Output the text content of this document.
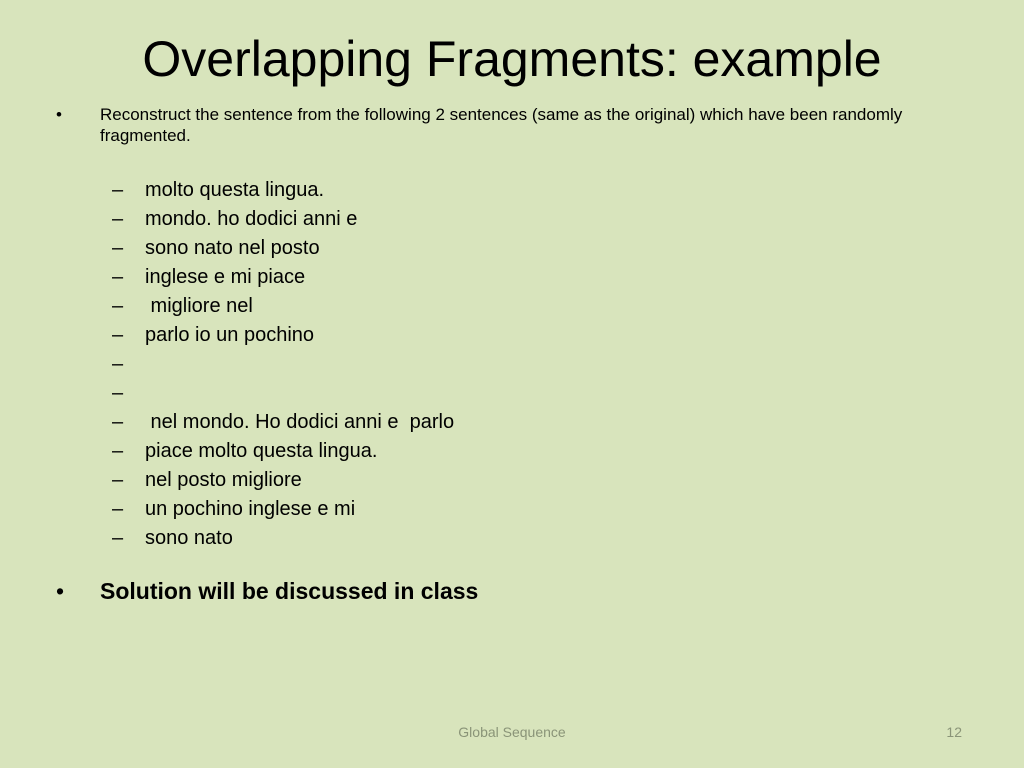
Overlapping Fragments: example
• Reconstruct the sentence from the following 2 sentences (same as the original) which have been randomly fragmented.
– molto questa lingua.
– mondo. ho dodici anni e
– sono nato nel posto
– inglese e mi piace
– migliore nel
– parlo io un pochino
–
–
– nel mondo. Ho dodici anni e  parlo
– piace molto questa lingua.
– nel posto migliore
– un pochino inglese e mi
– sono nato
• Solution will be discussed in class
Global Sequence	12
